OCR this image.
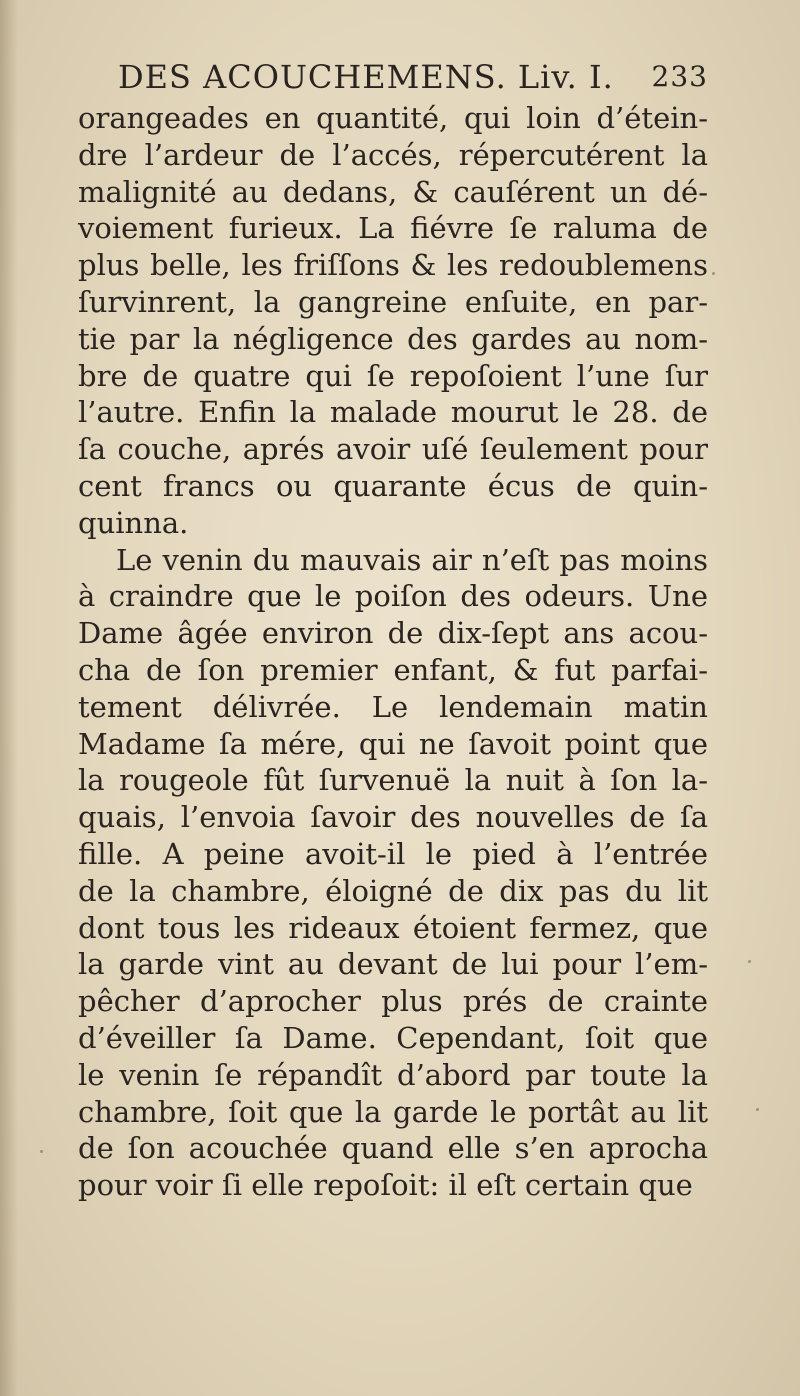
DES ACOUCHEMENS. Liv. I. 233
orangeades en quantité, qui loin d’étein-
dre l’ardeur de l’accés, répercutérent la
malignité au dedans, & cauſérent un dé-
voiement furieux. La fiévre ſe raluma de
plus belle, les friſſons & les redoublemens
ſurvinrent, la gangreine enſuite, en par-
tie par la négligence des gardes au nom-
bre de quatre qui ſe repoſoient l’une ſur
l’autre. Enfin la malade mourut le 28. de
ſa couche, aprés avoir uſé ſeulement pour
cent francs ou quarante écus de quin-
quinna.
Le venin du mauvais air n’eſt pas moins
à craindre que le poiſon des odeurs. Une
Dame âgée environ de dix-ſept ans acou-
cha de ſon premier enfant, & fut parfai-
tement délivrée. Le lendemain matin
Madame ſa mére, qui ne ſavoit point que
la rougeole fût ſurvenuë la nuit à ſon la-
quais, l’envoia ſavoir des nouvelles de ſa
fille. A peine avoit-il le pied à l’entrée
de la chambre, éloigné de dix pas du lit
dont tous les rideaux étoient fermez, que
la garde vint au devant de lui pour l’em-
pêcher d’aprocher plus prés de crainte
d’éveiller ſa Dame. Cependant, ſoit que
le venin ſe répandît d’abord par toute la
chambre, ſoit que la garde le portât au lit
de ſon acouchée quand elle s’en aprocha
pour voir ſi elle repoſoit: il eſt certain que
